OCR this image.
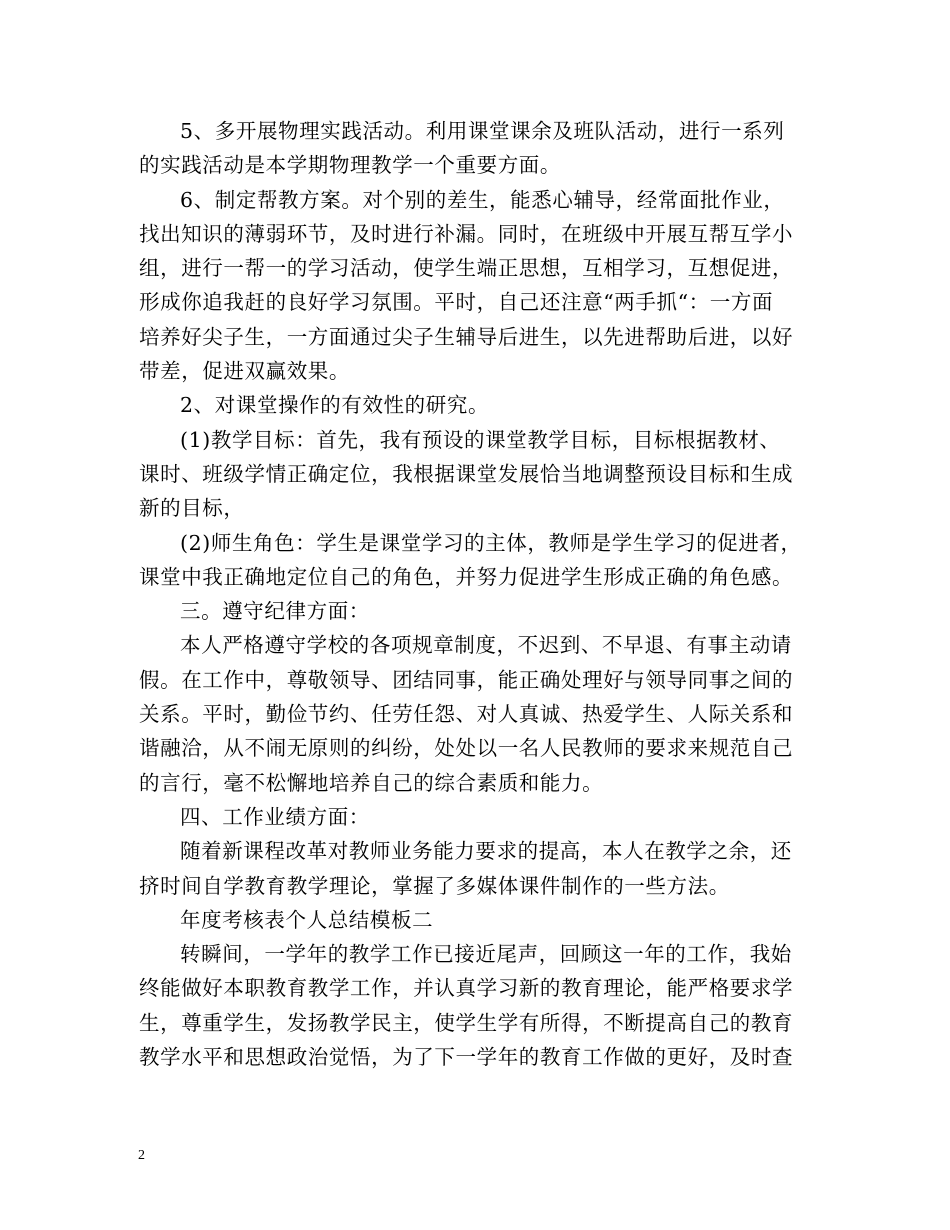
5、多开展物理实践活动。利用课堂课余及班队活动，进行一系列
的实践活动是本学期物理教学一个重要方面。
6、制定帮教方案。对个别的差生，能悉心辅导，经常面批作业，
找出知识的薄弱环节，及时进行补漏。同时，在班级中开展互帮互学小
组，进行一帮一的学习活动，使学生端正思想，互相学习，互想促进，
形成你追我赶的良好学习氛围。平时，自己还注意“两手抓“：一方面
培养好尖子生，一方面通过尖子生辅导后进生，以先进帮助后进，以好
带差，促进双赢效果。
2、对课堂操作的有效性的研究。
(1)教学目标：首先，我有预设的课堂教学目标，目标根据教材、
课时、班级学情正确定位，我根据课堂发展恰当地调整预设目标和生成
新的目标，
(2)师生角色：学生是课堂学习的主体，教师是学生学习的促进者，
课堂中我正确地定位自己的角色，并努力促进学生形成正确的角色感。
三。遵守纪律方面：
本人严格遵守学校的各项规章制度，不迟到、不早退、有事主动请
假。在工作中，尊敬领导、团结同事，能正确处理好与领导同事之间的
关系。平时，勤俭节约、任劳任怨、对人真诚、热爱学生、人际关系和
谐融洽，从不闹无原则的纠纷，处处以一名人民教师的要求来规范自己
的言行，毫不松懈地培养自己的综合素质和能力。
四、工作业绩方面：
随着新课程改革对教师业务能力要求的提高，本人在教学之余，还
挤时间自学教育教学理论，掌握了多媒体课件制作的一些方法。
年度考核表个人总结模板二
转瞬间，一学年的教学工作已接近尾声，回顾这一年的工作，我始
终能做好本职教育教学工作，并认真学习新的教育理论，能严格要求学
生，尊重学生，发扬教学民主，使学生学有所得，不断提高自己的教育
教学水平和思想政治觉悟，为了下一学年的教育工作做的更好，及时查
2
